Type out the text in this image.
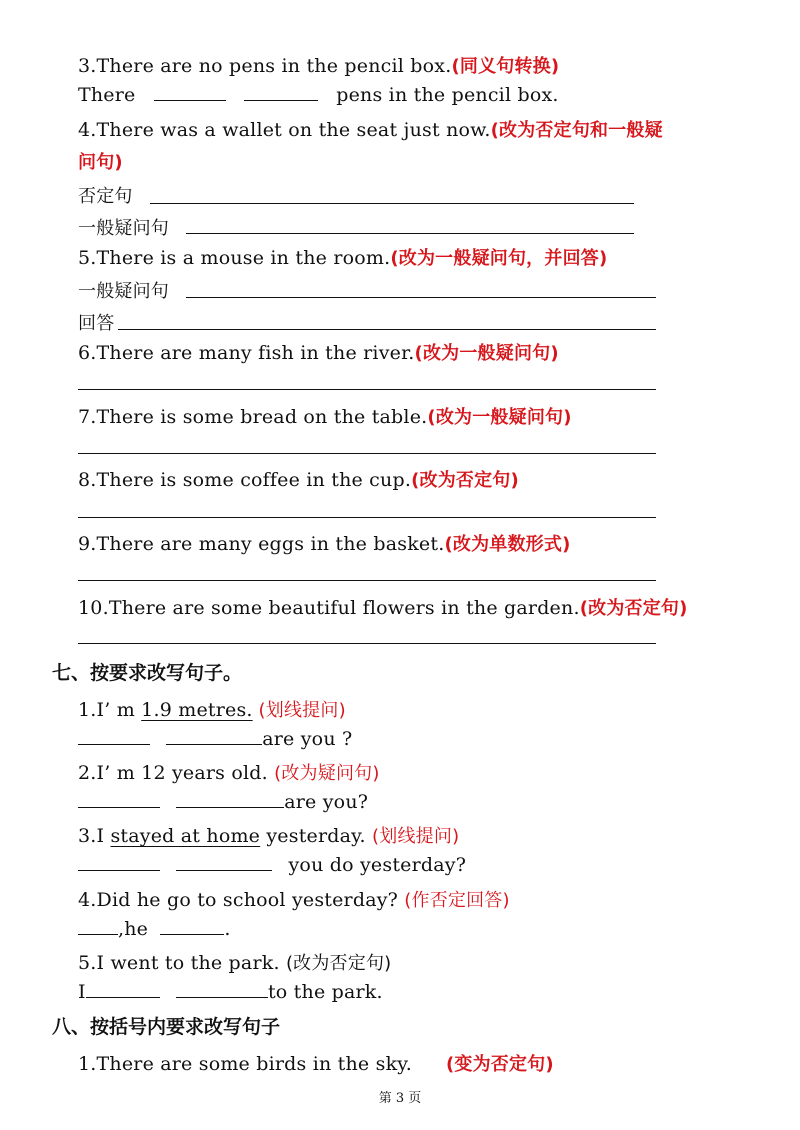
3.There are no pens in the pencil box.(同义句转换)
There	pens in the pencil box.
4.There was a wallet on the seat just now.(改为否定句和一般疑
问句)
否定句
一般疑问句
5.There is a mouse in the room.(改为一般疑问句，并回答)
一般疑问句
回答
6.There are many fish in the river.(改为一般疑问句)
7.There is some bread on the table.(改为一般疑问句)
8.There is some coffee in the cup.(改为否定句)
9.There are many eggs in the basket.(改为单数形式)
10.There are some beautiful flowers in the garden.(改为否定句)
七、按要求改写句子。
1.I’ m 1.9 metres. (划线提问)
are you ?
2.I’ m 12 years old. (改为疑问句)
are you?
3.I stayed at home yesterday. (划线提问)
you do yesterday?
4.Did he go to school yesterday? (作否定回答)
,he	.
5.I went to the park. (改为否定句)
I	to the park.
八、按括号内要求改写句子
1.There are some birds in the sky. (变为否定句)
第 3 页
